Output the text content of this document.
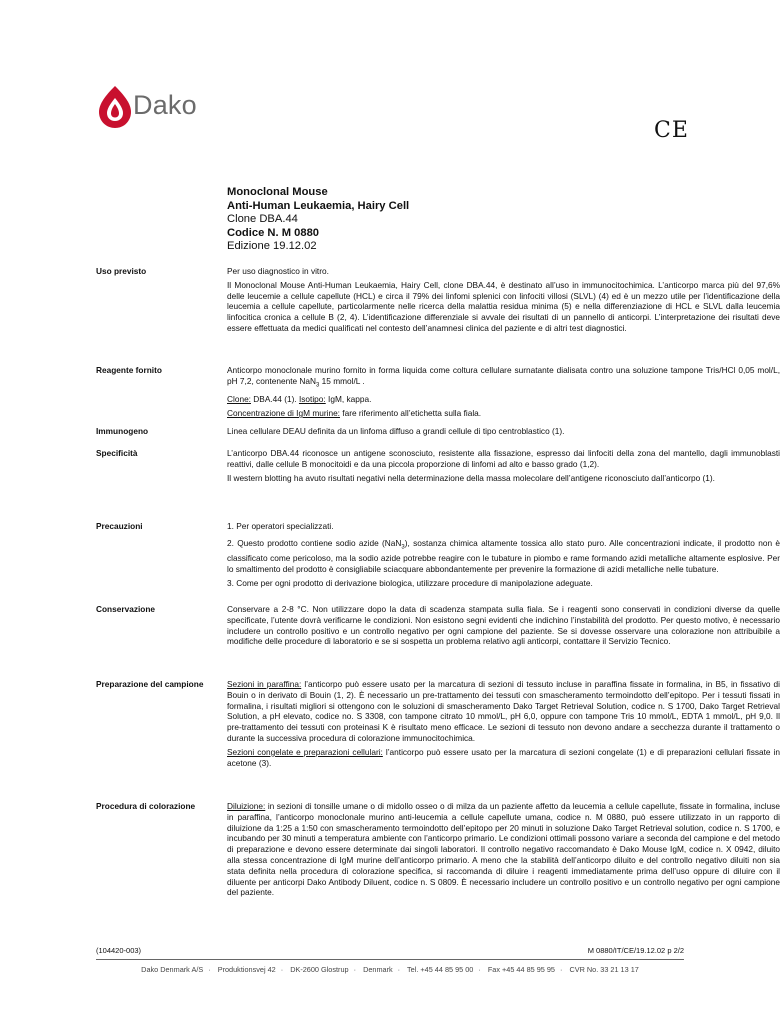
Dako
CE
Monoclonal Mouse
Anti-Human Leukaemia, Hairy Cell
Clone DBA.44
Codice N. M 0880
Edizione 19.12.02
Uso previsto	Per uso diagnostico in vitro.

Il Monoclonal Mouse Anti-Human Leukaemia, Hairy Cell, clone DBA.44, è destinato all’uso in immunocitochimica. L’anticorpo marca più del 97,6% delle leucemie a cellule capellute (HCL) e circa il 79% dei linfomi splenici con linfociti villosi (SLVL) (4) ed è un mezzo utile per l’identificazione della leucemia a cellule capellute, particolarmente nelle ricerca della malattia residua minima (5) e nella differenziazione di HCL e SLVL dalla leucemia linfocitica cronica a cellule B (2, 4). L’identificazione differenziale si avvale dei risultati di un pannello di anticorpi. L’interpretazione dei risultati deve essere effettuata da medici qualificati nel contesto dell’anamnesi clinica del paziente e di altri test diagnostici.

Reagente fornito	Anticorpo monoclonale murino fornito in forma liquida come coltura cellulare surnatante dialisata contro una soluzione tampone Tris/HCl 0,05 mol/L, pH 7,2, contenente NaN$_3$ 15 mmol/L .

Clone: DBA.44 (1). Isotipo: IgM, kappa.

Concentrazione di IgM murine: fare riferimento all’etichetta sulla fiala.

Immunogeno	Linea cellulare DEAU definita da un linfoma diffuso a grandi cellule di tipo centroblastico (1).

Specificità	L’anticorpo DBA.44 riconosce un antigene sconosciuto, resistente alla fissazione, espresso dai linfociti della zona del mantello, dagli immunoblasti reattivi, dalle cellule B monocitoidi e da una piccola proporzione di linfomi ad alto e basso grado (1,2).

Il western blotting ha avuto risultati negativi nella determinazione della massa molecolare dell’antigene riconosciuto dall’anticorpo (1).

Precauzioni	1. Per operatori specializzati.

2. Questo prodotto contiene sodio azide (NaN$_3$), sostanza chimica altamente tossica allo stato puro. Alle concentrazioni indicate, il prodotto non è classificato come pericoloso, ma la sodio azide potrebbe reagire con le tubature in piombo e rame formando azidi metalliche altamente esplosive. Per lo smaltimento del prodotto è consigliabile sciacquare abbondantemente per prevenire la formazione di azidi metalliche nelle tubature.

3. Come per ogni prodotto di derivazione biologica, utilizzare procedure di manipolazione adeguate.

Conservazione	Conservare a 2-8 °C. Non utilizzare dopo la data di scadenza stampata sulla fiala. Se i reagenti sono conservati in condizioni diverse da quelle specificate, l’utente dovrà verificarne le condizioni. Non esistono segni evidenti che indichino l’instabilità del prodotto. Per questo motivo, è necessario includere un controllo positivo e un controllo negativo per ogni campione del paziente. Se si dovesse osservare una colorazione non attribuibile a modifiche delle procedure di laboratorio e se si sospetta un problema relativo agli anticorpi, contattare il Servizio Tecnico.

Preparazione del campione	Sezioni in paraffina: l’anticorpo può essere usato per la marcatura di sezioni di tessuto incluse in paraffina fissate in formalina, in B5, in fissativo di Bouin o in derivato di Bouin (1, 2). È necessario un pre-trattamento dei tessuti con smascheramento termoindotto dell’epitopo. Per i tessuti fissati in formalina, i risultati migliori si ottengono con le soluzioni di smascheramento Dako Target Retrieval Solution, codice n. S 1700, Dako Target Retrieval Solution, a pH elevato, codice no. S 3308, con tampone citrato 10 mmol/L, pH 6,0, oppure con tampone Tris 10 mmol/L, EDTA 1 mmol/L, pH 9,0. Il pre-trattamento dei tessuti con proteinasi K è risultato meno efficace. Le sezioni di tessuto non devono andare a secchezza durante il trattamento o durante la successiva procedura di colorazione immunocitochimica.

Sezioni congelate e preparazioni cellulari: l’anticorpo può essere usato per la marcatura di sezioni congelate (1) e di preparazioni cellulari fissate in acetone (3).

Procedura di colorazione	Diluizione: in sezioni di tonsille umane o di midollo osseo o di milza da un paziente affetto da leucemia a cellule capellute, fissate in formalina, incluse in paraffina, l’anticorpo monoclonale murino anti-leucemia a cellule capellute umana, codice n. M 0880, può essere utilizzato in un rapporto di diluizione da 1:25 a 1:50 con smascheramento termoindotto dell’epitopo per 20 minuti in soluzione Dako Target Retrieval solution, codice n. S 1700, e incubando per 30 minuti a temperatura ambiente con l’anticorpo primario. Le condizioni ottimali possono variare a seconda del campione e del metodo di preparazione e devono essere determinate dai singoli laboratori. Il controllo negativo raccomandato è Dako Mouse IgM, codice n. X 0942, diluito alla stessa concentrazione di IgM murine dell’anticorpo primario. A meno che la stabilità dell’anticorpo diluito e del controllo negativo diluiti non sia stata definita nella procedura di colorazione specifica, si raccomanda di diluire i reagenti immediatamente prima dell’uso oppure di diluire con il diluente per anticorpi Dako Antibody Diluent, codice n. S 0809. È necessario includere un controllo positivo e un controllo negativo per ogni campione del paziente.

(104420-003)	M 0880/IT/CE/19.12.02 p 2/2
Dako Denmark A/S · Produktionsvej 42 · DK-2600 Glostrup · Denmark · Tel. +45 44 85 95 00 · Fax +45 44 85 95 95 · CVR No. 33 21 13 17
